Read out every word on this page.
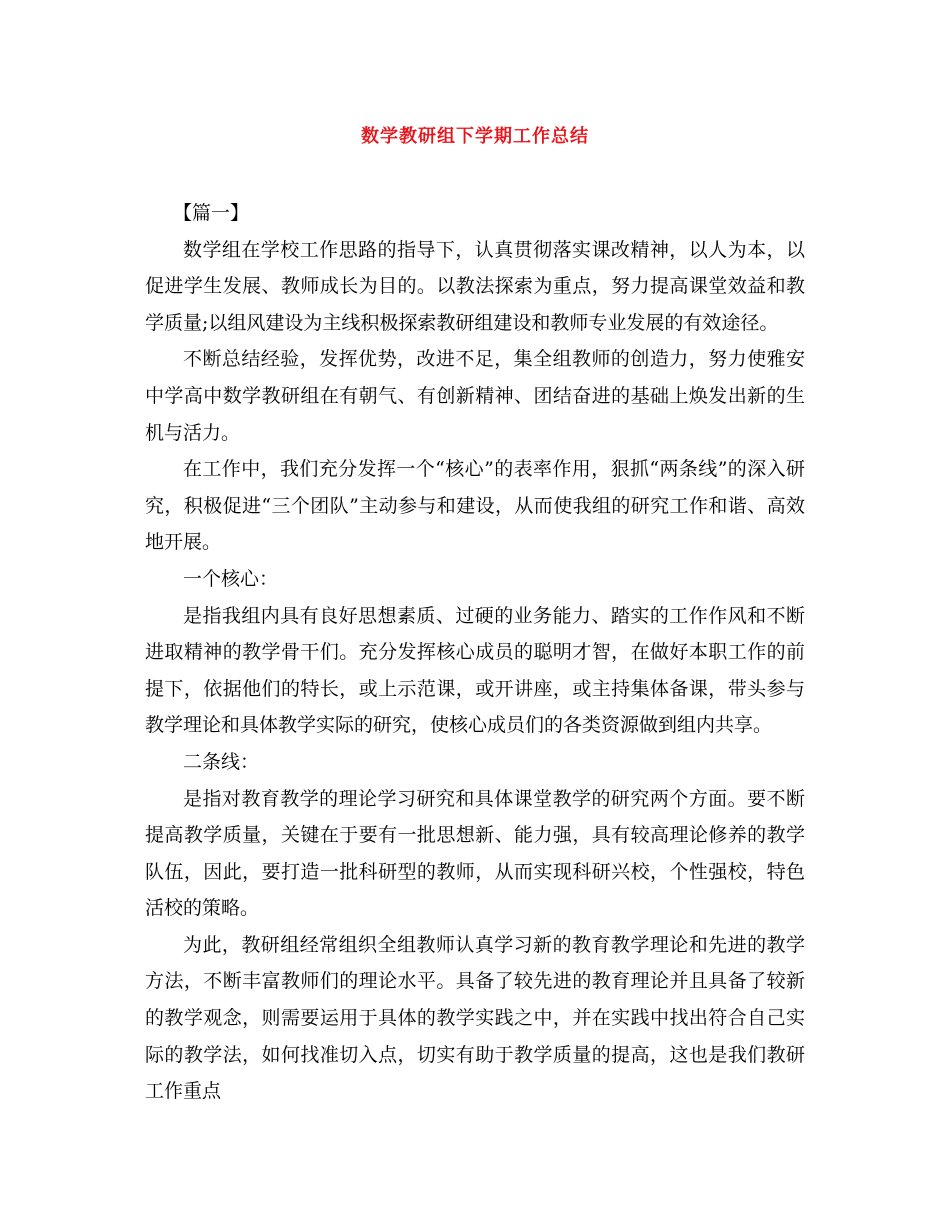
数学教研组下学期工作总结
【篇一】

数学组在学校工作思路的指导下，认真贯彻落实课改精神，以人为本，以促进学生发展、教师成长为目的。以教法探索为重点，努力提高课堂效益和教学质量;以组风建设为主线积极探索教研组建设和教师专业发展的有效途径。

不断总结经验，发挥优势，改进不足，集全组教师的创造力，努力使雅安中学高中数学教研组在有朝气、有创新精神、团结奋进的基础上焕发出新的生机与活力。

在工作中，我们充分发挥一个“核心”的表率作用，狠抓“两条线”的深入研究，积极促进“三个团队”主动参与和建设，从而使我组的研究工作和谐、高效地开展。

一个核心：

是指我组内具有良好思想素质、过硬的业务能力、踏实的工作作风和不断进取精神的教学骨干们。充分发挥核心成员的聪明才智，在做好本职工作的前提下，依据他们的特长，或上示范课，或开讲座，或主持集体备课，带头参与教学理论和具体教学实际的研究，使核心成员们的各类资源做到组内共享。

二条线：

是指对教育教学的理论学习研究和具体课堂教学的研究两个方面。要不断提高教学质量，关键在于要有一批思想新、能力强，具有较高理论修养的教学队伍，因此，要打造一批科研型的教师，从而实现科研兴校，个性强校，特色活校的策略。

为此，教研组经常组织全组教师认真学习新的教育教学理论和先进的教学方法，不断丰富教师们的理论水平。具备了较先进的教育理论并且具备了较新的教学观念，则需要运用于具体的教学实践之中，并在实践中找出符合自己实际的教学法，如何找准切入点，切实有助于教学质量的提高，这也是我们教研工作重点
